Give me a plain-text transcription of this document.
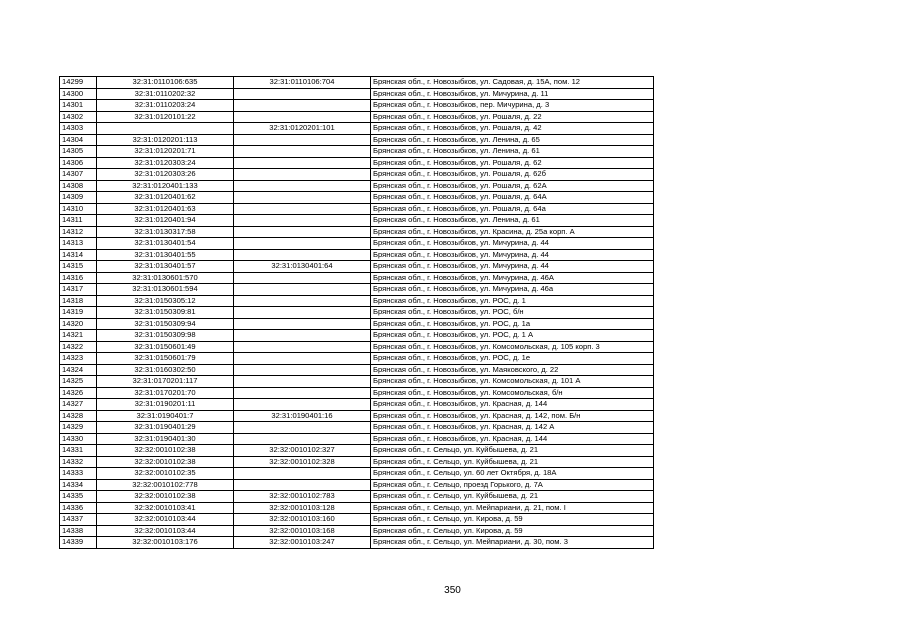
14299	32:31:0110106:635	32:31:0110106:704	Брянская обл., г. Новозыбков, ул. Садовая, д. 15А, пом. 12
14300	32:31:0110202:32		Брянская обл., г. Новозыбков, ул. Мичурина, д. 11
14301	32:31:0110203:24		Брянская обл., г. Новозыбков, пер. Мичурина, д. 3
14302	32:31:0120101:22		Брянская обл., г. Новозыбков, ул. Рошаля, д. 22
14303		32:31:0120201:101	Брянская обл., г. Новозыбков, ул. Рошаля, д. 42
14304	32:31:0120201:113		Брянская обл., г. Новозыбков, ул. Ленина, д. 65
14305	32:31:0120201:71		Брянская обл., г. Новозыбков, ул. Ленина, д. 61
14306	32:31:0120303:24		Брянская обл., г. Новозыбков, ул. Рошаля, д. 62
14307	32:31:0120303:26		Брянская обл., г. Новозыбков, ул. Рошаля, д. 62б
14308	32:31:0120401:133		Брянская обл., г. Новозыбков, ул. Рошаля, д. 62А
14309	32:31:0120401:62		Брянская обл., г. Новозыбков, ул. Рошаля, д. 64А
14310	32:31:0120401:63		Брянская обл., г. Новозыбков, ул. Рошаля, д. 64а
14311	32:31:0120401:94		Брянская обл., г. Новозыбков, ул. Ленина, д. 61
14312	32:31:0130317:58		Брянская обл., г. Новозыбков, ул. Красина, д. 25а корп. А
14313	32:31:0130401:54		Брянская обл., г. Новозыбков, ул. Мичурина, д. 44
14314	32:31:0130401:55		Брянская обл., г. Новозыбков, ул. Мичурина, д. 44
14315	32:31:0130401:57	32:31:0130401:64	Брянская обл., г. Новозыбков, ул. Мичурина, д. 44
14316	32:31:0130601:570		Брянская обл., г. Новозыбков, ул. Мичурина, д. 46А
14317	32:31:0130601:594		Брянская обл., г. Новозыбков, ул. Мичурина, д. 46а
14318	32:31:0150305:12		Брянская обл., г. Новозыбков, ул. РОС, д. 1
14319	32:31:0150309:81		Брянская обл., г. Новозыбков, ул. РОС, б/н
14320	32:31:0150309:94		Брянская обл., г. Новозыбков, ул. РОС, д. 1а
14321	32:31:0150309:98		Брянская обл., г. Новозыбков, ул. РОС, д. 1 А
14322	32:31:0150601:49		Брянская обл., г. Новозыбков, ул. Комсомольская, д. 105 корп. 3
14323	32:31:0150601:79		Брянская обл., г. Новозыбков, ул. РОС, д. 1е
14324	32:31:0160302:50		Брянская обл., г. Новозыбков, ул. Маяковского, д. 22
14325	32:31:0170201:117		Брянская обл., г. Новозыбков, ул. Комсомольская, д. 101 А
14326	32:31:0170201:70		Брянская обл., г. Новозыбков, ул. Комсомольская, б/н
14327	32:31:0190201:11		Брянская обл., г. Новозыбков, ул. Красная, д. 144
14328	32:31:0190401:7	32:31:0190401:16	Брянская обл., г. Новозыбков, ул. Красная, д. 142, пом. Б/н
14329	32:31:0190401:29		Брянская обл., г. Новозыбков, ул. Красная, д. 142 А
14330	32:31:0190401:30		Брянская обл., г. Новозыбков, ул. Красная, д. 144
14331	32:32:0010102:38	32:32:0010102:327	Брянская обл., г. Сельцо, ул. Куйбышева, д. 21
14332	32:32:0010102:38	32:32:0010102:328	Брянская обл., г. Сельцо, ул. Куйбышева, д. 21
14333	32:32:0010102:35		Брянская обл., г. Сельцо, ул. 60 лет Октября, д. 18А
14334	32:32:0010102:778		Брянская обл., г. Сельцо, проезд Горького, д. 7А
14335	32:32:0010102:38	32:32:0010102:783	Брянская обл., г. Сельцо, ул. Куйбышева, д. 21
14336	32:32:0010103:41	32:32:0010103:128	Брянская обл., г. Сельцо, ул. Мейпариани, д. 21, пом. I
14337	32:32:0010103:44	32:32:0010103:160	Брянская обл., г. Сельцо, ул. Кирова, д. 59
14338	32:32:0010103:44	32:32:0010103:168	Брянская обл., г. Сельцо, ул. Кирова, д. 59
14339	32:32:0010103:176	32:32:0010103:247	Брянская обл., г. Сельцо, ул. Мейпариани, д. 30, пом. 3
350
